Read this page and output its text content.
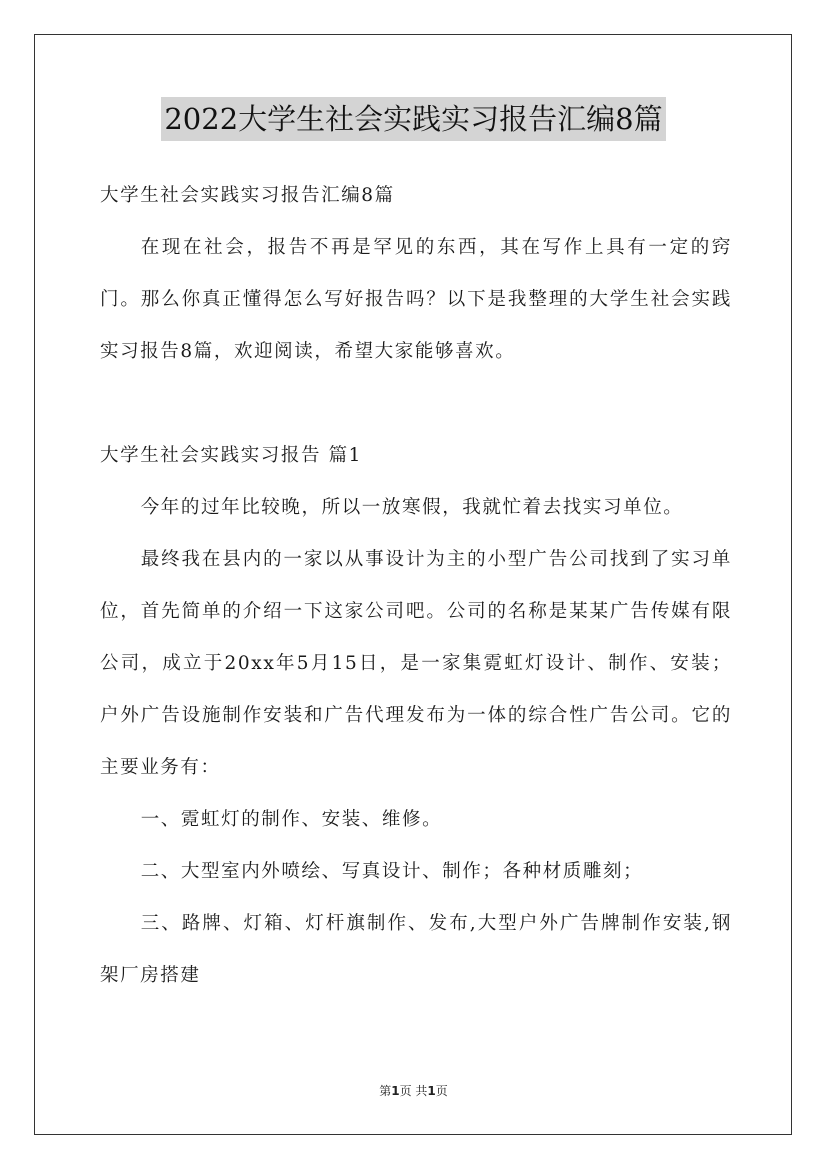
2022大学生社会实践实习报告汇编8篇

大学生社会实践实习报告汇编8篇

在现在社会，报告不再是罕见的东西，其在写作上具有一定的窍门。那么你真正懂得怎么写好报告吗？以下是我整理的大学生社会实践实习报告8篇，欢迎阅读，希望大家能够喜欢。

大学生社会实践实习报告 篇1

今年的过年比较晚，所以一放寒假，我就忙着去找实习单位。

最终我在县内的一家以从事设计为主的小型广告公司找到了实习单位，首先简单的介绍一下这家公司吧。公司的名称是某某广告传媒有限公司，成立于20xx年5月15日，是一家集霓虹灯设计、制作、安装；户外广告设施制作安装和广告代理发布为一体的综合性广告公司。它的主要业务有：

一、霓虹灯的制作、安装、维修。

二、大型室内外喷绘、写真设计、制作；各种材质雕刻；

三、路牌、灯箱、灯杆旗制作、发布,大型户外广告牌制作安装,钢架厂房搭建

第1页 共1页
